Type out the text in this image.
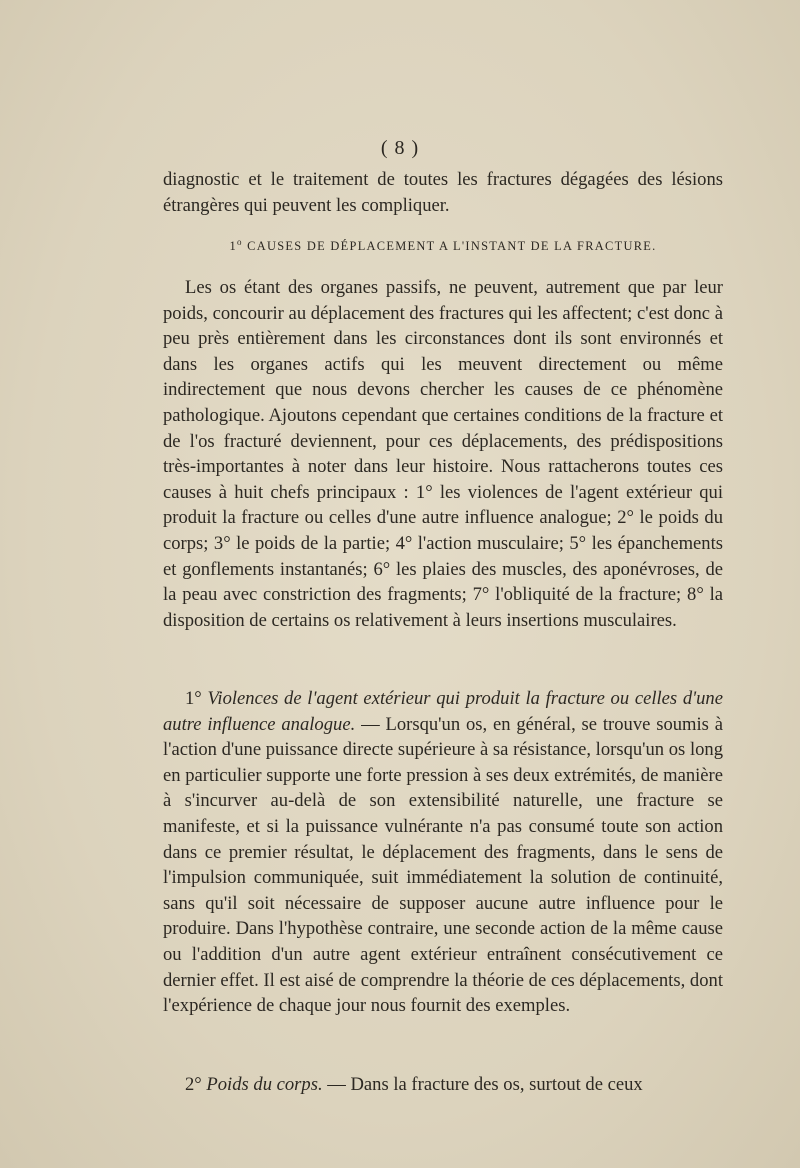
( 8 )

diagnostic et le traitement de toutes les fractures dégagées des lésions étrangères qui peuvent les compliquer.

1$^o$ CAUSES DE DÉPLACEMENT A L'INSTANT DE LA FRACTURE.

Les os étant des organes passifs, ne peuvent, autrement que par leur poids, concourir au déplacement des fractures qui les affectent; c'est donc à peu près entièrement dans les circonstances dont ils sont environnés et dans les organes actifs qui les meuvent directement ou même indirectement que nous devons chercher les causes de ce phénomène pathologique. Ajoutons cependant que certaines conditions de la fracture et de l'os fracturé deviennent, pour ces déplacements, des prédispositions très-importantes à noter dans leur histoire. Nous rattacherons toutes ces causes à huit chefs principaux : 1° les violences de l'agent extérieur qui produit la fracture ou celles d'une autre influence analogue; 2° le poids du corps; 3° le poids de la partie; 4° l'action musculaire; 5° les épanchements et gonflements instantanés; 6° les plaies des muscles, des aponévroses, de la peau avec constriction des fragments; 7° l'obliquité de la fracture; 8° la disposition de certains os relativement à leurs insertions musculaires.

1° Violences de l'agent extérieur qui produit la fracture ou celles d'une autre influence analogue. — Lorsqu'un os, en général, se trouve soumis à l'action d'une puissance directe supérieure à sa résistance, lorsqu'un os long en particulier supporte une forte pression à ses deux extrémités, de manière à s'incurver au-delà de son extensibilité naturelle, une fracture se manifeste, et si la puissance vulnérante n'a pas consumé toute son action dans ce premier résultat, le déplacement des fragments, dans le sens de l'impulsion communiquée, suit immédiatement la solution de continuité, sans qu'il soit nécessaire de supposer aucune autre influence pour le produire. Dans l'hypothèse contraire, une seconde action de la même cause ou l'addition d'un autre agent extérieur entraînent consécutivement ce dernier effet. Il est aisé de comprendre la théorie de ces déplacements, dont l'expérience de chaque jour nous fournit des exemples.

2° Poids du corps. — Dans la fracture des os, surtout de ceux
